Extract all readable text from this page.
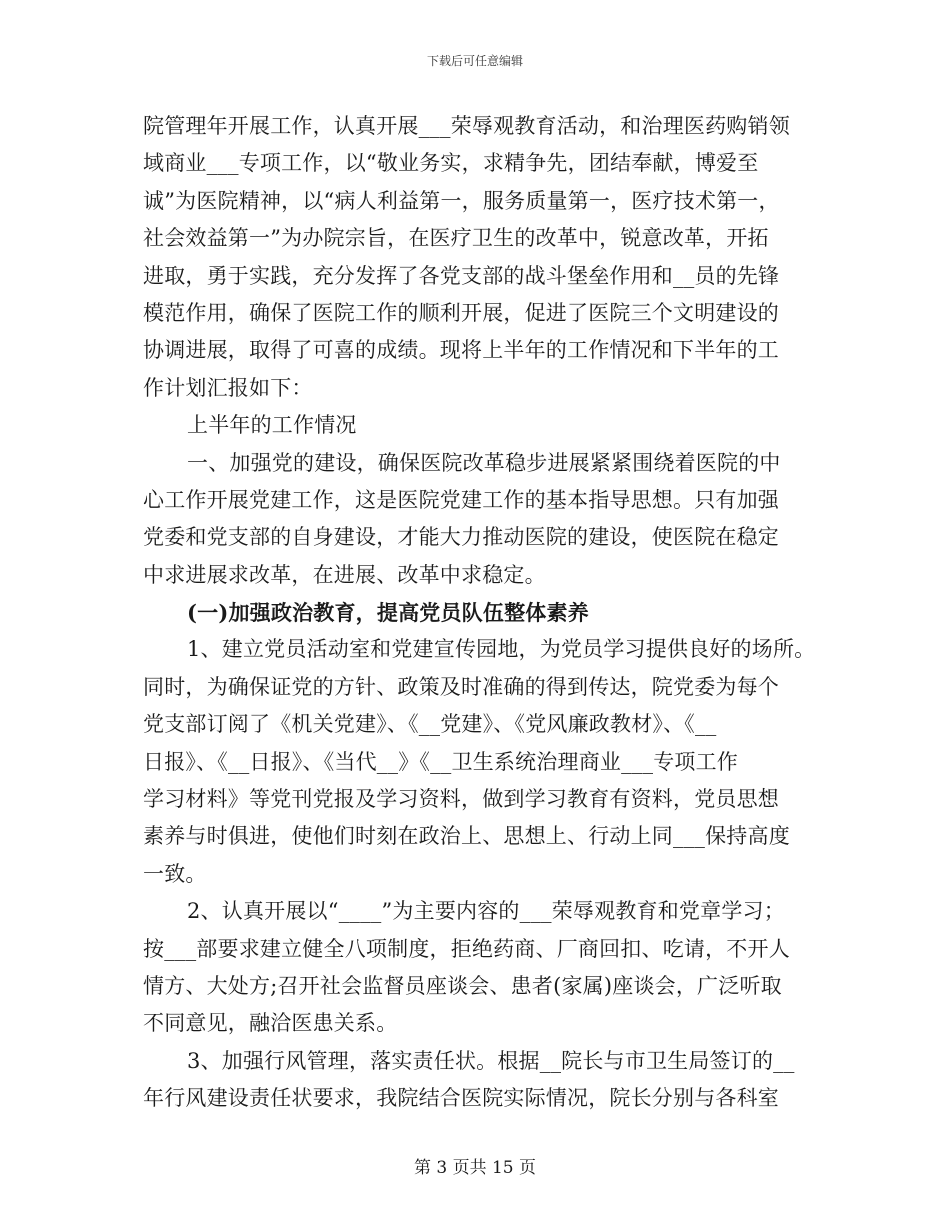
下载后可任意编辑
院管理年开展工作，认真开展___荣辱观教育活动，和治理医药购销领
域商业___专项工作，以“敬业务实，求精争先，团结奉献，博爱至
诚”为医院精神，以“病人利益第一，服务质量第一，医疗技术第一，
社会效益第一”为办院宗旨，在医疗卫生的改革中，锐意改革，开拓
进取，勇于实践，充分发挥了各党支部的战斗堡垒作用和__员的先锋
模范作用，确保了医院工作的顺利开展，促进了医院三个文明建设的
协调进展，取得了可喜的成绩。现将上半年的工作情况和下半年的工
作计划汇报如下：
上半年的工作情况
一、加强党的建设，确保医院改革稳步进展紧紧围绕着医院的中
心工作开展党建工作，这是医院党建工作的基本指导思想。只有加强
党委和党支部的自身建设，才能大力推动医院的建设，使医院在稳定
中求进展求改革，在进展、改革中求稳定。
(一)加强政治教育，提高党员队伍整体素养
1、建立党员活动室和党建宣传园地，为党员学习提供良好的场所。
同时，为确保证党的方针、政策及时准确的得到传达，院党委为每个
党支部订阅了《机关党建》、《__党建》、《党风廉政教材》、《__
日报》、《__日报》、《当代__》《__卫生系统治理商业___专项工作
学习材料》等党刊党报及学习资料，做到学习教育有资料，党员思想
素养与时俱进，使他们时刻在政治上、思想上、行动上同___保持高度
一致。
2、认真开展以“____”为主要内容的___荣辱观教育和党章学习；
按___部要求建立健全八项制度，拒绝药商、厂商回扣、吃请，不开人
情方、大处方;召开社会监督员座谈会、患者(家属)座谈会，广泛听取
不同意见，融洽医患关系。
3、加强行风管理，落实责任状。根据__院长与市卫生局签订的__
年行风建设责任状要求，我院结合医院实际情况，院长分别与各科室
第 3 页共 15 页
